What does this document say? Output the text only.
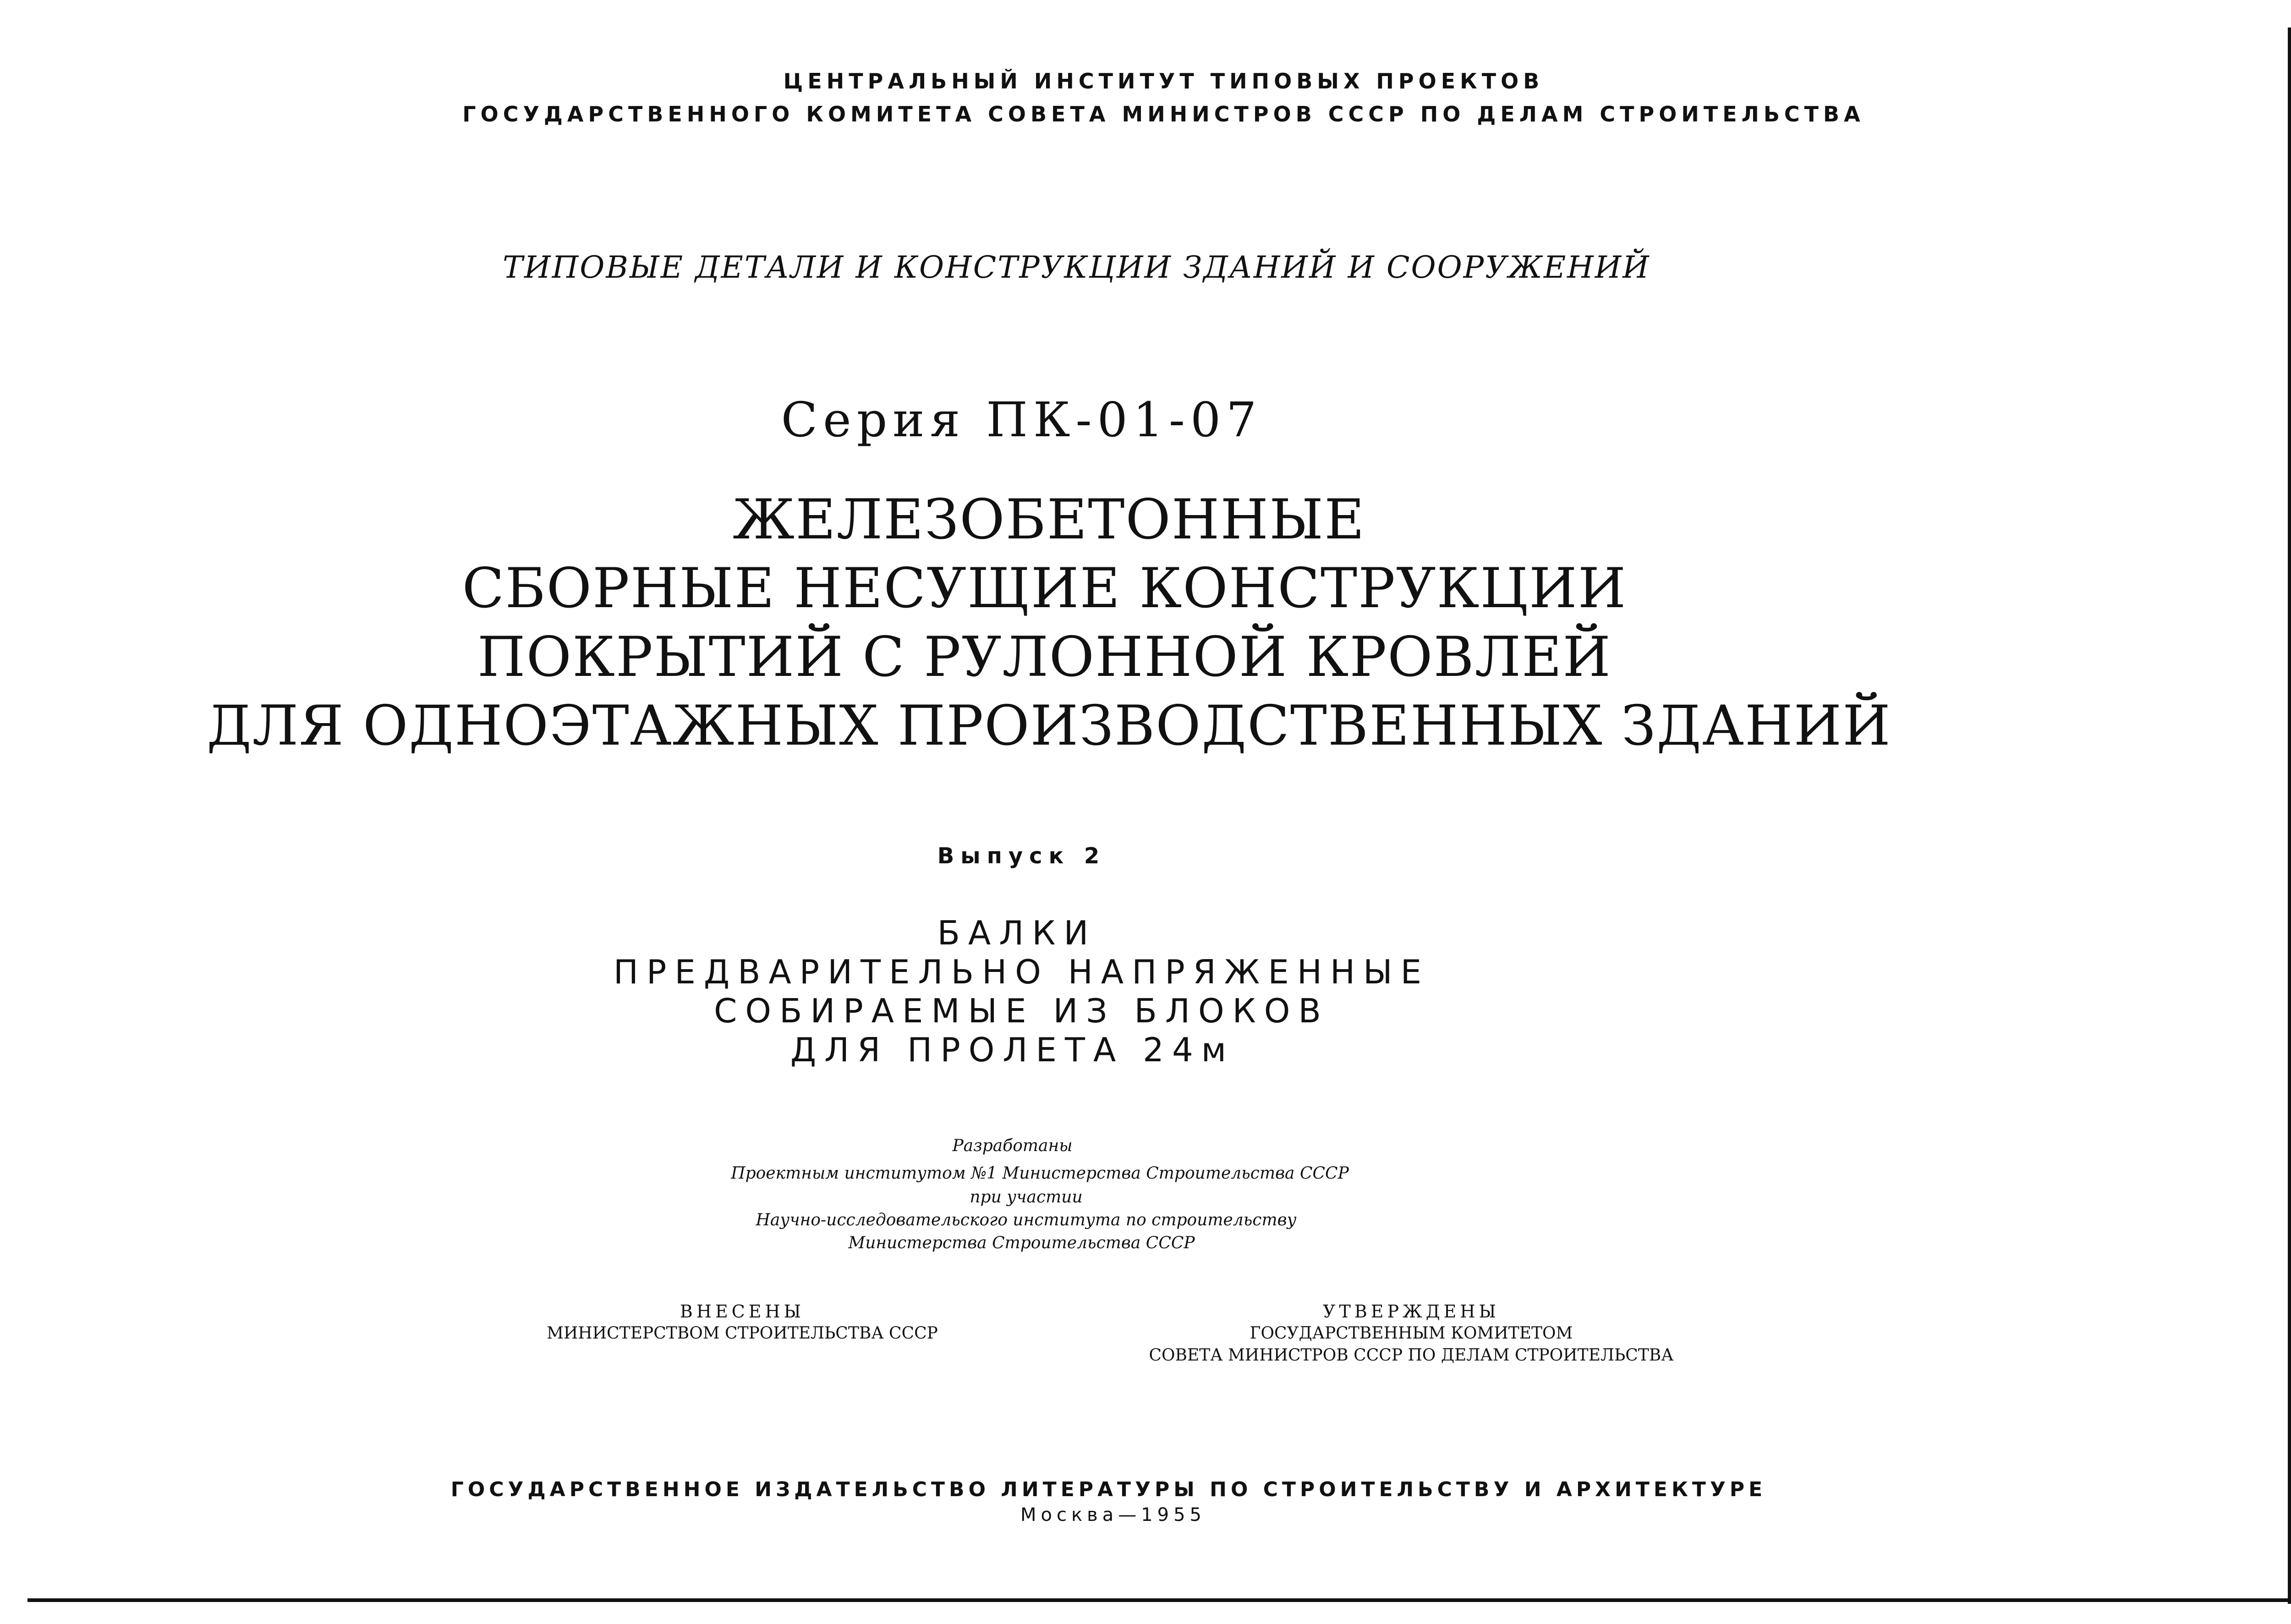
ЦЕНТРАЛЬНЫЙ ИНСТИТУТ ТИПОВЫХ ПРОЕКТОВ
ГОСУДАРСТВЕННОГО КОМИТЕТА СОВЕТА МИНИСТРОВ СССР ПО ДЕЛАМ СТРОИТЕЛЬСТВА
ТИПОВЫЕ ДЕТАЛИ И КОНСТРУКЦИИ ЗДАНИЙ И СООРУЖЕНИЙ
Серия ПК-01-07
ЖЕЛЕЗОБЕТОННЫЕ
СБОРНЫЕ НЕСУЩИЕ КОНСТРУКЦИИ
ПОКРЫТИЙ С РУЛОННОЙ КРОВЛЕЙ
ДЛЯ ОДНОЭТАЖНЫХ ПРОИЗВОДСТВЕННЫХ ЗДАНИЙ
Выпуск 2
БАЛКИ
ПРЕДВАРИТЕЛЬНО НАПРЯЖЕННЫЕ
СОБИРАЕМЫЕ ИЗ БЛОКОВ
ДЛЯ ПРОЛЕТА 24м
Разработаны
Проектным институтом №1 Министерства Строительства СССР
при участии
Научно-исследовательского института по строительству
Министерства Строительства СССР
ВНЕСЕНЫ
МИНИСТЕРСТВОМ СТРОИТЕЛЬСТВА СССР
УТВЕРЖДЕНЫ
ГОСУДАРСТВЕННЫМ КОМИТЕТОМ
СОВЕТА МИНИСТРОВ СССР ПО ДЕЛАМ СТРОИТЕЛЬСТВА
ГОСУДАРСТВЕННОЕ ИЗДАТЕЛЬСТВО ЛИТЕРАТУРЫ ПО СТРОИТЕЛЬСТВУ И АРХИТЕКТУРЕ
Москва—1955
